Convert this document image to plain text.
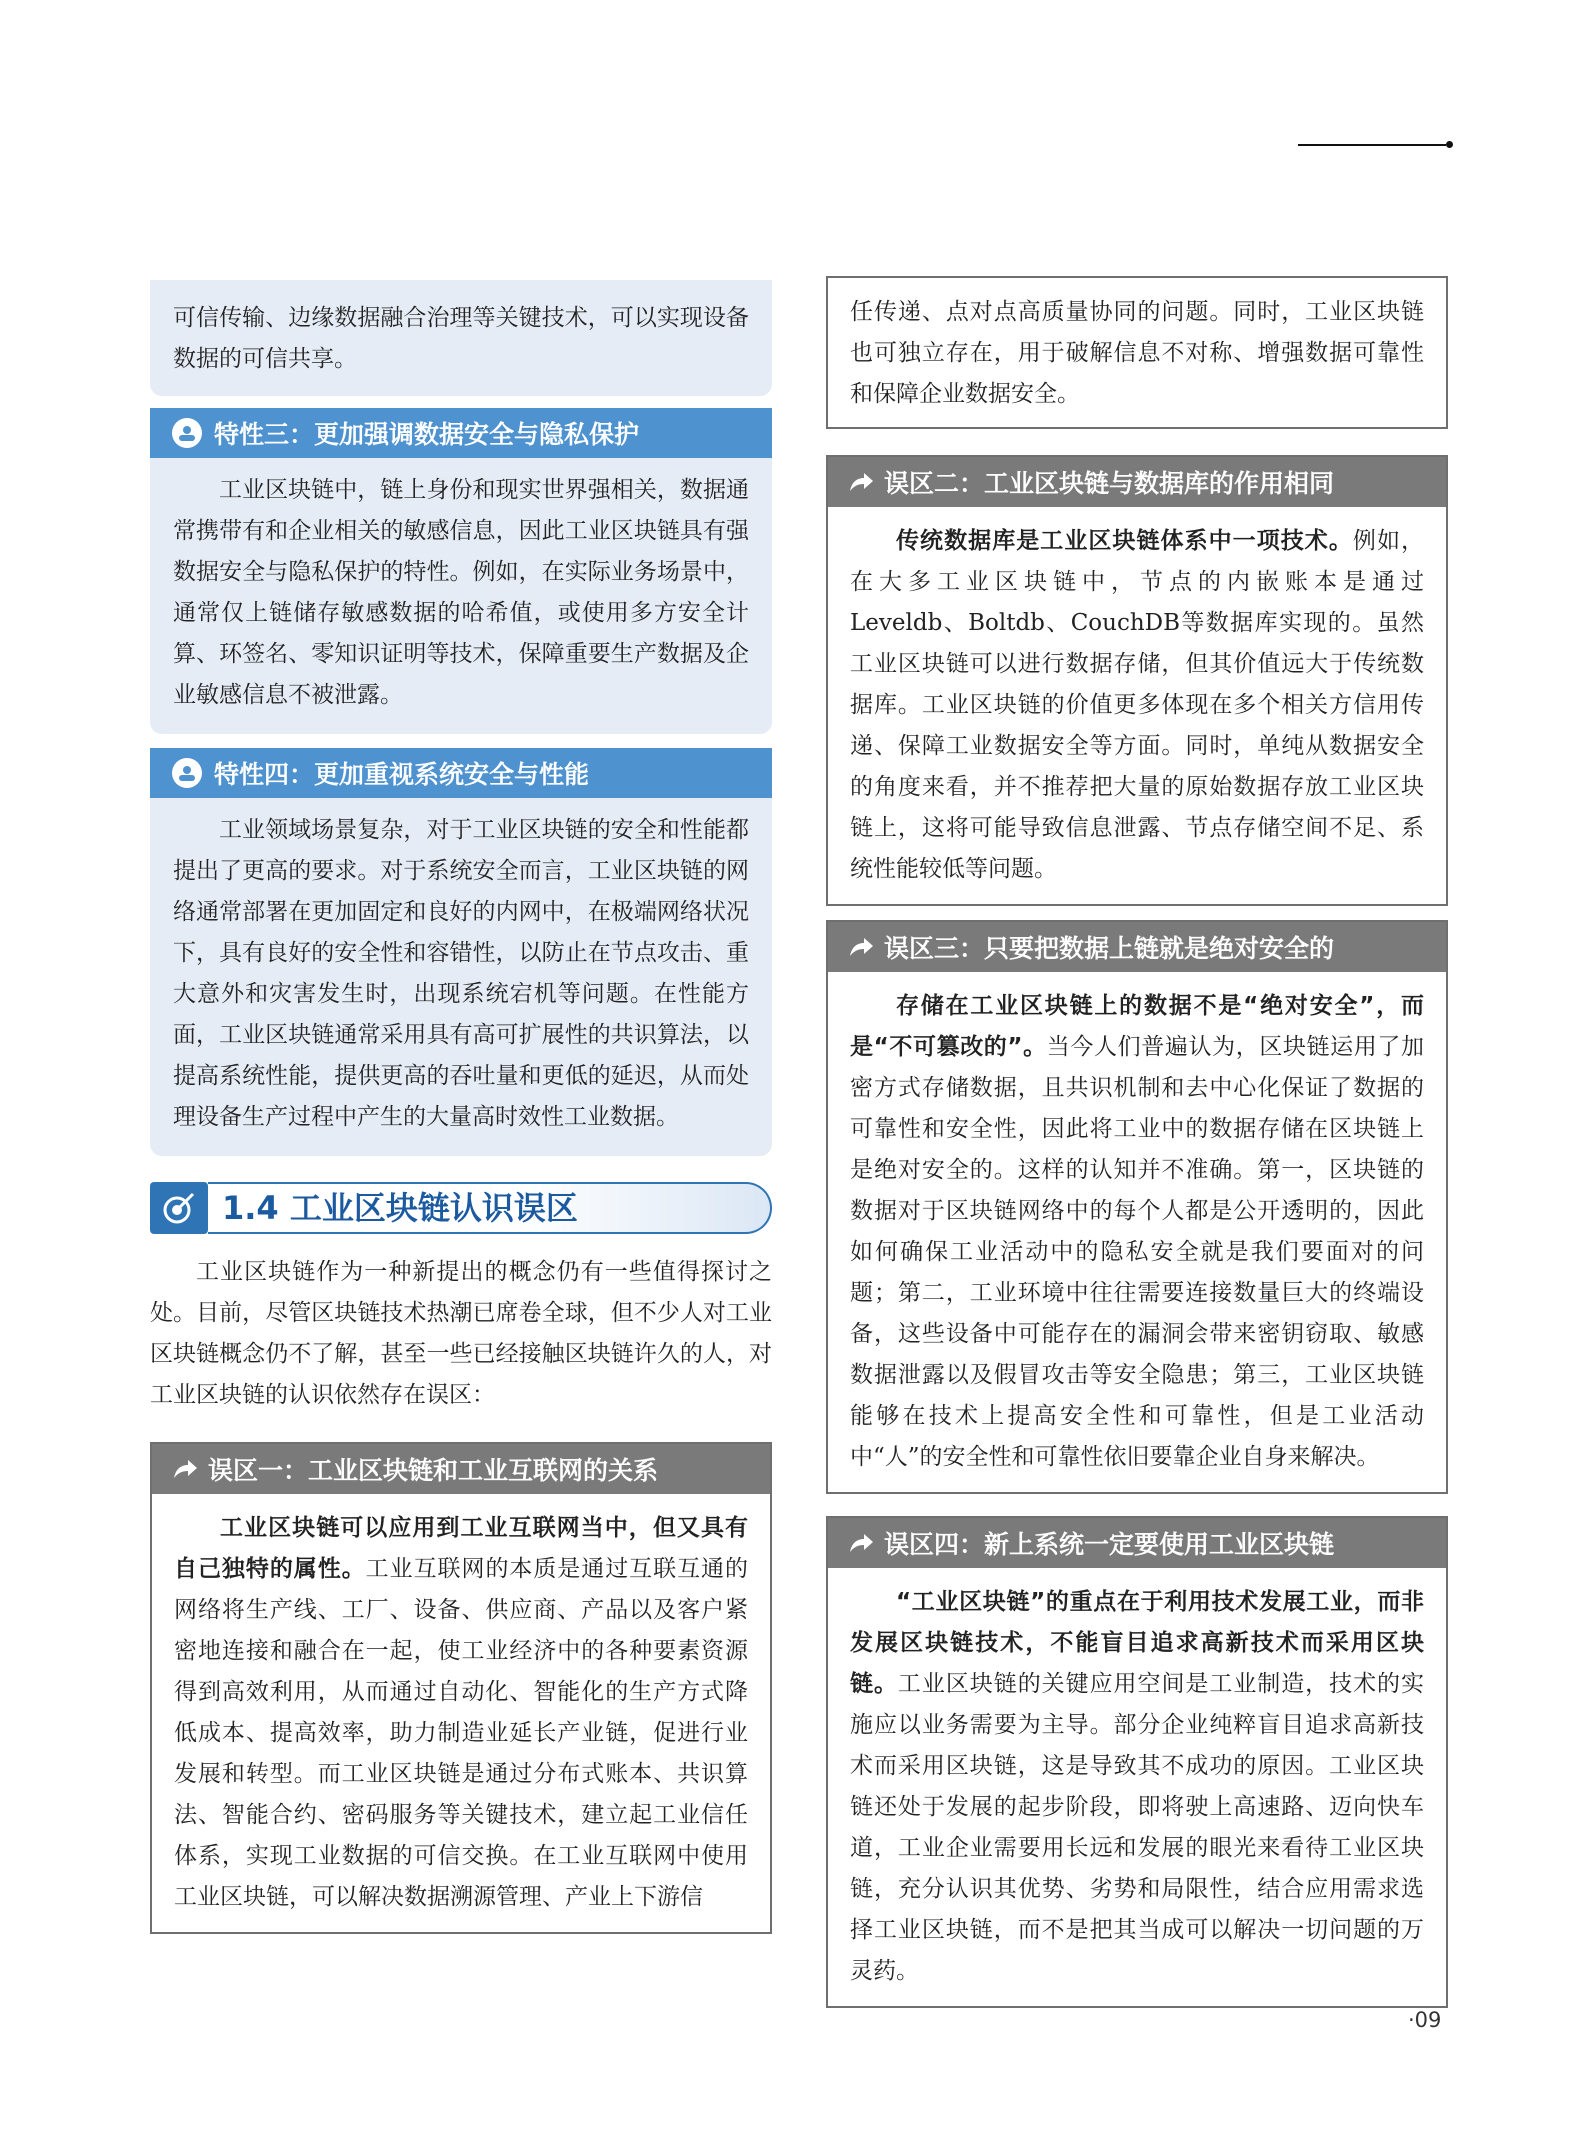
可信传输、边缘数据融合治理等关键技术，可以实现设备数据的可信共享。

特性三：更加强调数据安全与隐私保护

工业区块链中，链上身份和现实世界强相关，数据通常携带有和企业相关的敏感信息，因此工业区块链具有强数据安全与隐私保护的特性。例如，在实际业务场景中，通常仅上链储存敏感数据的哈希值，或使用多方安全计算、环签名、零知识证明等技术，保障重要生产数据及企业敏感信息不被泄露。

特性四：更加重视系统安全与性能

工业领域场景复杂，对于工业区块链的安全和性能都提出了更高的要求。对于系统安全而言，工业区块链的网络通常部署在更加固定和良好的内网中，在极端网络状况下，具有良好的安全性和容错性，以防止在节点攻击、重大意外和灾害发生时，出现系统宕机等问题。在性能方面，工业区块链通常采用具有高可扩展性的共识算法，以提高系统性能，提供更高的吞吐量和更低的延迟，从而处理设备生产过程中产生的大量高时效性工业数据。

1.4 工业区块链认识误区

工业区块链作为一种新提出的概念仍有一些值得探讨之处。目前，尽管区块链技术热潮已席卷全球，但不少人对工业区块链概念仍不了解，甚至一些已经接触区块链许久的人，对工业区块链的认识依然存在误区：

误区一：工业区块链和工业互联网的关系

工业区块链可以应用到工业互联网当中，但又具有自己独特的属性。工业互联网的本质是通过互联互通的网络将生产线、工厂、设备、供应商、产品以及客户紧密地连接和融合在一起，使工业经济中的各种要素资源得到高效利用，从而通过自动化、智能化的生产方式降低成本、提高效率，助力制造业延长产业链，促进行业发展和转型。而工业区块链是通过分布式账本、共识算法、智能合约、密码服务等关键技术，建立起工业信任体系，实现工业数据的可信交换。在工业互联网中使用工业区块链，可以解决数据溯源管理、产业上下游信

任传递、点对点高质量协同的问题。同时，工业区块链也可独立存在，用于破解信息不对称、增强数据可靠性和保障企业数据安全。

误区二：工业区块链与数据库的作用相同

传统数据库是工业区块链体系中一项技术。例如，在大多工业区块链中，节点的内嵌账本是通过Leveldb、Boltdb、CouchDB等数据库实现的。虽然工业区块链可以进行数据存储，但其价值远大于传统数据库。工业区块链的价值更多体现在多个相关方信用传递、保障工业数据安全等方面。同时，单纯从数据安全的角度来看，并不推荐把大量的原始数据存放工业区块链上，这将可能导致信息泄露、节点存储空间不足、系统性能较低等问题。

误区三：只要把数据上链就是绝对安全的

存储在工业区块链上的数据不是“绝对安全”，而是“不可篡改的”。当今人们普遍认为，区块链运用了加密方式存储数据，且共识机制和去中心化保证了数据的可靠性和安全性，因此将工业中的数据存储在区块链上是绝对安全的。这样的认知并不准确。第一，区块链的数据对于区块链网络中的每个人都是公开透明的，因此如何确保工业活动中的隐私安全就是我们要面对的问题；第二，工业环境中往往需要连接数量巨大的终端设备，这些设备中可能存在的漏洞会带来密钥窃取、敏感数据泄露以及假冒攻击等安全隐患；第三，工业区块链能够在技术上提高安全性和可靠性，但是工业活动中“人”的安全性和可靠性依旧要靠企业自身来解决。

误区四：新上系统一定要使用工业区块链

“工业区块链”的重点在于利用技术发展工业，而非发展区块链技术，不能盲目追求高新技术而采用区块链。工业区块链的关键应用空间是工业制造，技术的实施应以业务需要为主导。部分企业纯粹盲目追求高新技术而采用区块链，这是导致其不成功的原因。工业区块链还处于发展的起步阶段，即将驶上高速路、迈向快车道，工业企业需要用长远和发展的眼光来看待工业区块链，充分认识其优势、劣势和局限性，结合应用需求选择工业区块链，而不是把其当成可以解决一切问题的万灵药。

·09
